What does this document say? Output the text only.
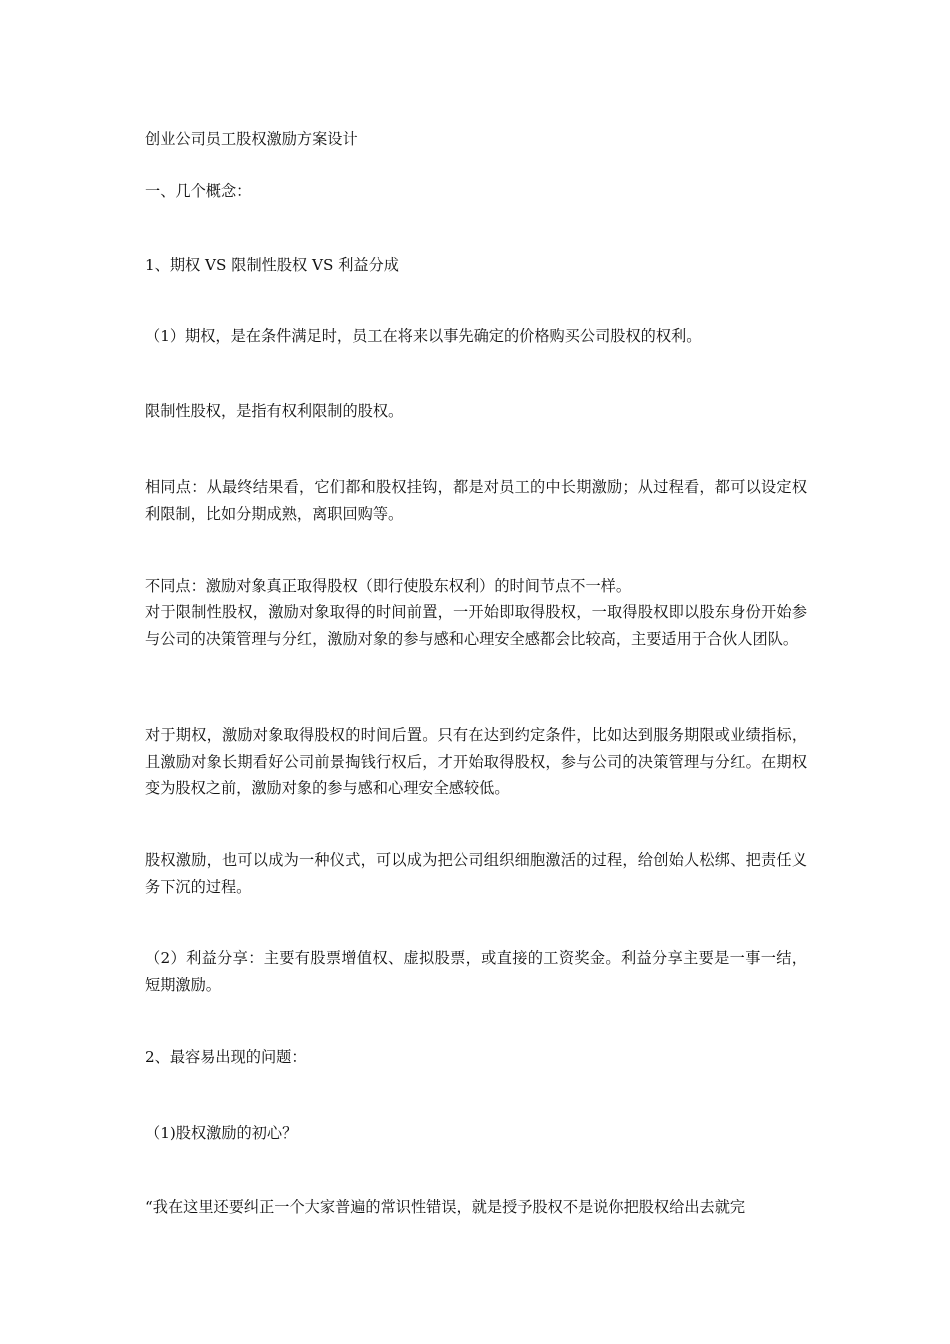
创业公司员工股权激励方案设计

一、几个概念：

1、期权 VS 限制性股权 VS 利益分成

（1）期权，是在条件满足时，员工在将来以事先确定的价格购买公司股权的权利。

限制性股权，是指有权利限制的股权。

相同点：从最终结果看，它们都和股权挂钩，都是对员工的中长期激励；从过程看，都可以设定权利限制，比如分期成熟，离职回购等。

不同点：激励对象真正取得股权（即行使股东权利）的时间节点不一样。

对于限制性股权，激励对象取得的时间前置，一开始即取得股权，一取得股权即以股东身份开始参与公司的决策管理与分红，激励对象的参与感和心理安全感都会比较高，主要适用于合伙人团队。

对于期权，激励对象取得股权的时间后置。只有在达到约定条件，比如达到服务期限或业绩指标，且激励对象长期看好公司前景掏钱行权后，才开始取得股权，参与公司的决策管理与分红。在期权变为股权之前，激励对象的参与感和心理安全感较低。

股权激励，也可以成为一种仪式，可以成为把公司组织细胞激活的过程，给创始人松绑、把责任义务下沉的过程。

（2）利益分享：主要有股票增值权、虚拟股票，或直接的工资奖金。利益分享主要是一事一结，短期激励。

2、最容易出现的问题：

（1)股权激励的初心？

“我在这里还要纠正一个大家普遍的常识性错误，就是授予股权不是说你把股权给出去就完
